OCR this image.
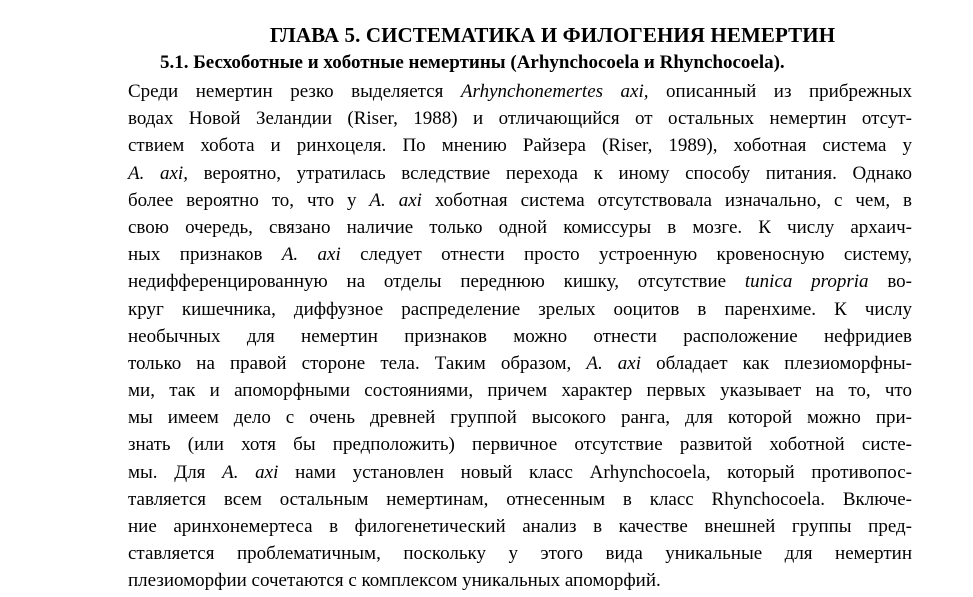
ГЛАВА 5. СИСТЕМАТИКА И ФИЛОГЕНИЯ НЕМЕРТИН
5.1. Бесхоботные и хоботные немертины (Arhynchocoela и Rhynchocoela).
Среди немертин резко выделяется Arhynchonemertes axi, описанный из прибрежных
водах Новой Зеландии (Riser, 1988) и отличающийся от остальных немертин отсут-
ствием хобота и ринхоцеля. По мнению Райзера (Riser, 1989), хоботная система у
A. axi, вероятно, утратилась вследствие перехода к иному способу питания. Однако
более вероятно то, что у A. axi хоботная система отсутствовала изначально, с чем, в
свою очередь, связано наличие только одной комиссуры в мозге. К числу архаич-
ных признаков A. axi следует отнести просто устроенную кровеносную систему,
недифференцированную на отделы переднюю кишку, отсутствие tunica propria во-
круг кишечника, диффузное распределение зрелых ооцитов в паренхиме. К числу
необычных для немертин признаков можно отнести расположение нефридиев
только на правой стороне тела. Таким образом, A. axi обладает как плезиоморфны-
ми, так и апоморфными состояниями, причем характер первых указывает на то, что
мы имеем дело с очень древней группой высокого ранга, для которой можно при-
знать (или хотя бы предположить) первичное отсутствие развитой хоботной систе-
мы. Для A. axi нами установлен новый класс Arhynchocoela, который противопос-
тавляется всем остальным немертинам, отнесенным в класс Rhynchocoela. Включе-
ние аринхонемертеса в филогенетический анализ в качестве внешней группы пред-
ставляется проблематичным, поскольку у этого вида уникальные для немертин
плезиоморфии сочетаются с комплексом уникальных апоморфий.
